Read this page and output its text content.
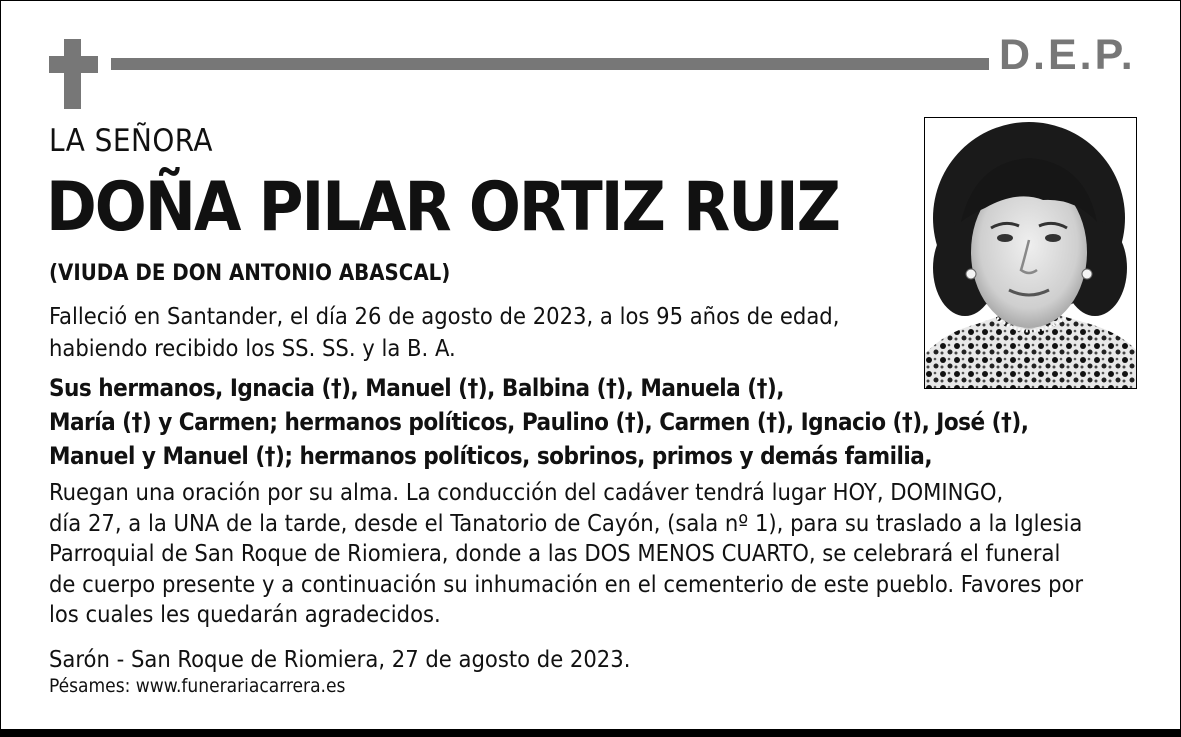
D.E.P.
LA SEÑORA
DOÑA PILAR ORTIZ RUIZ
(VIUDA DE DON ANTONIO ABASCAL)

Falleció en Santander, el día 26 de agosto de 2023, a los 95 años de edad,

habiendo recibido los SS. SS. y la B. A.

Sus hermanos, Ignacia (†), Manuel (†), Balbina (†), Manuela (†),

María (†) y Carmen; hermanos políticos, Paulino (†), Carmen (†), Ignacio (†), José (†),

Manuel y Manuel (†); hermanos políticos, sobrinos, primos y demás familia,

Ruegan una oración por su alma. La conducción del cadáver tendrá lugar HOY, DOMINGO,

día 27, a la UNA de la tarde, desde el Tanatorio de Cayón, (sala nº 1), para su traslado a la Iglesia

Parroquial de San Roque de Riomiera, donde a las DOS MENOS CUARTO, se celebrará el funeral

de cuerpo presente y a continuación su inhumación en el cementerio de este pueblo. Favores por

los cuales les quedarán agradecidos.

Sarón - San Roque de Riomiera, 27 de agosto de 2023.
Pésames: www.funerariacarrera.es
